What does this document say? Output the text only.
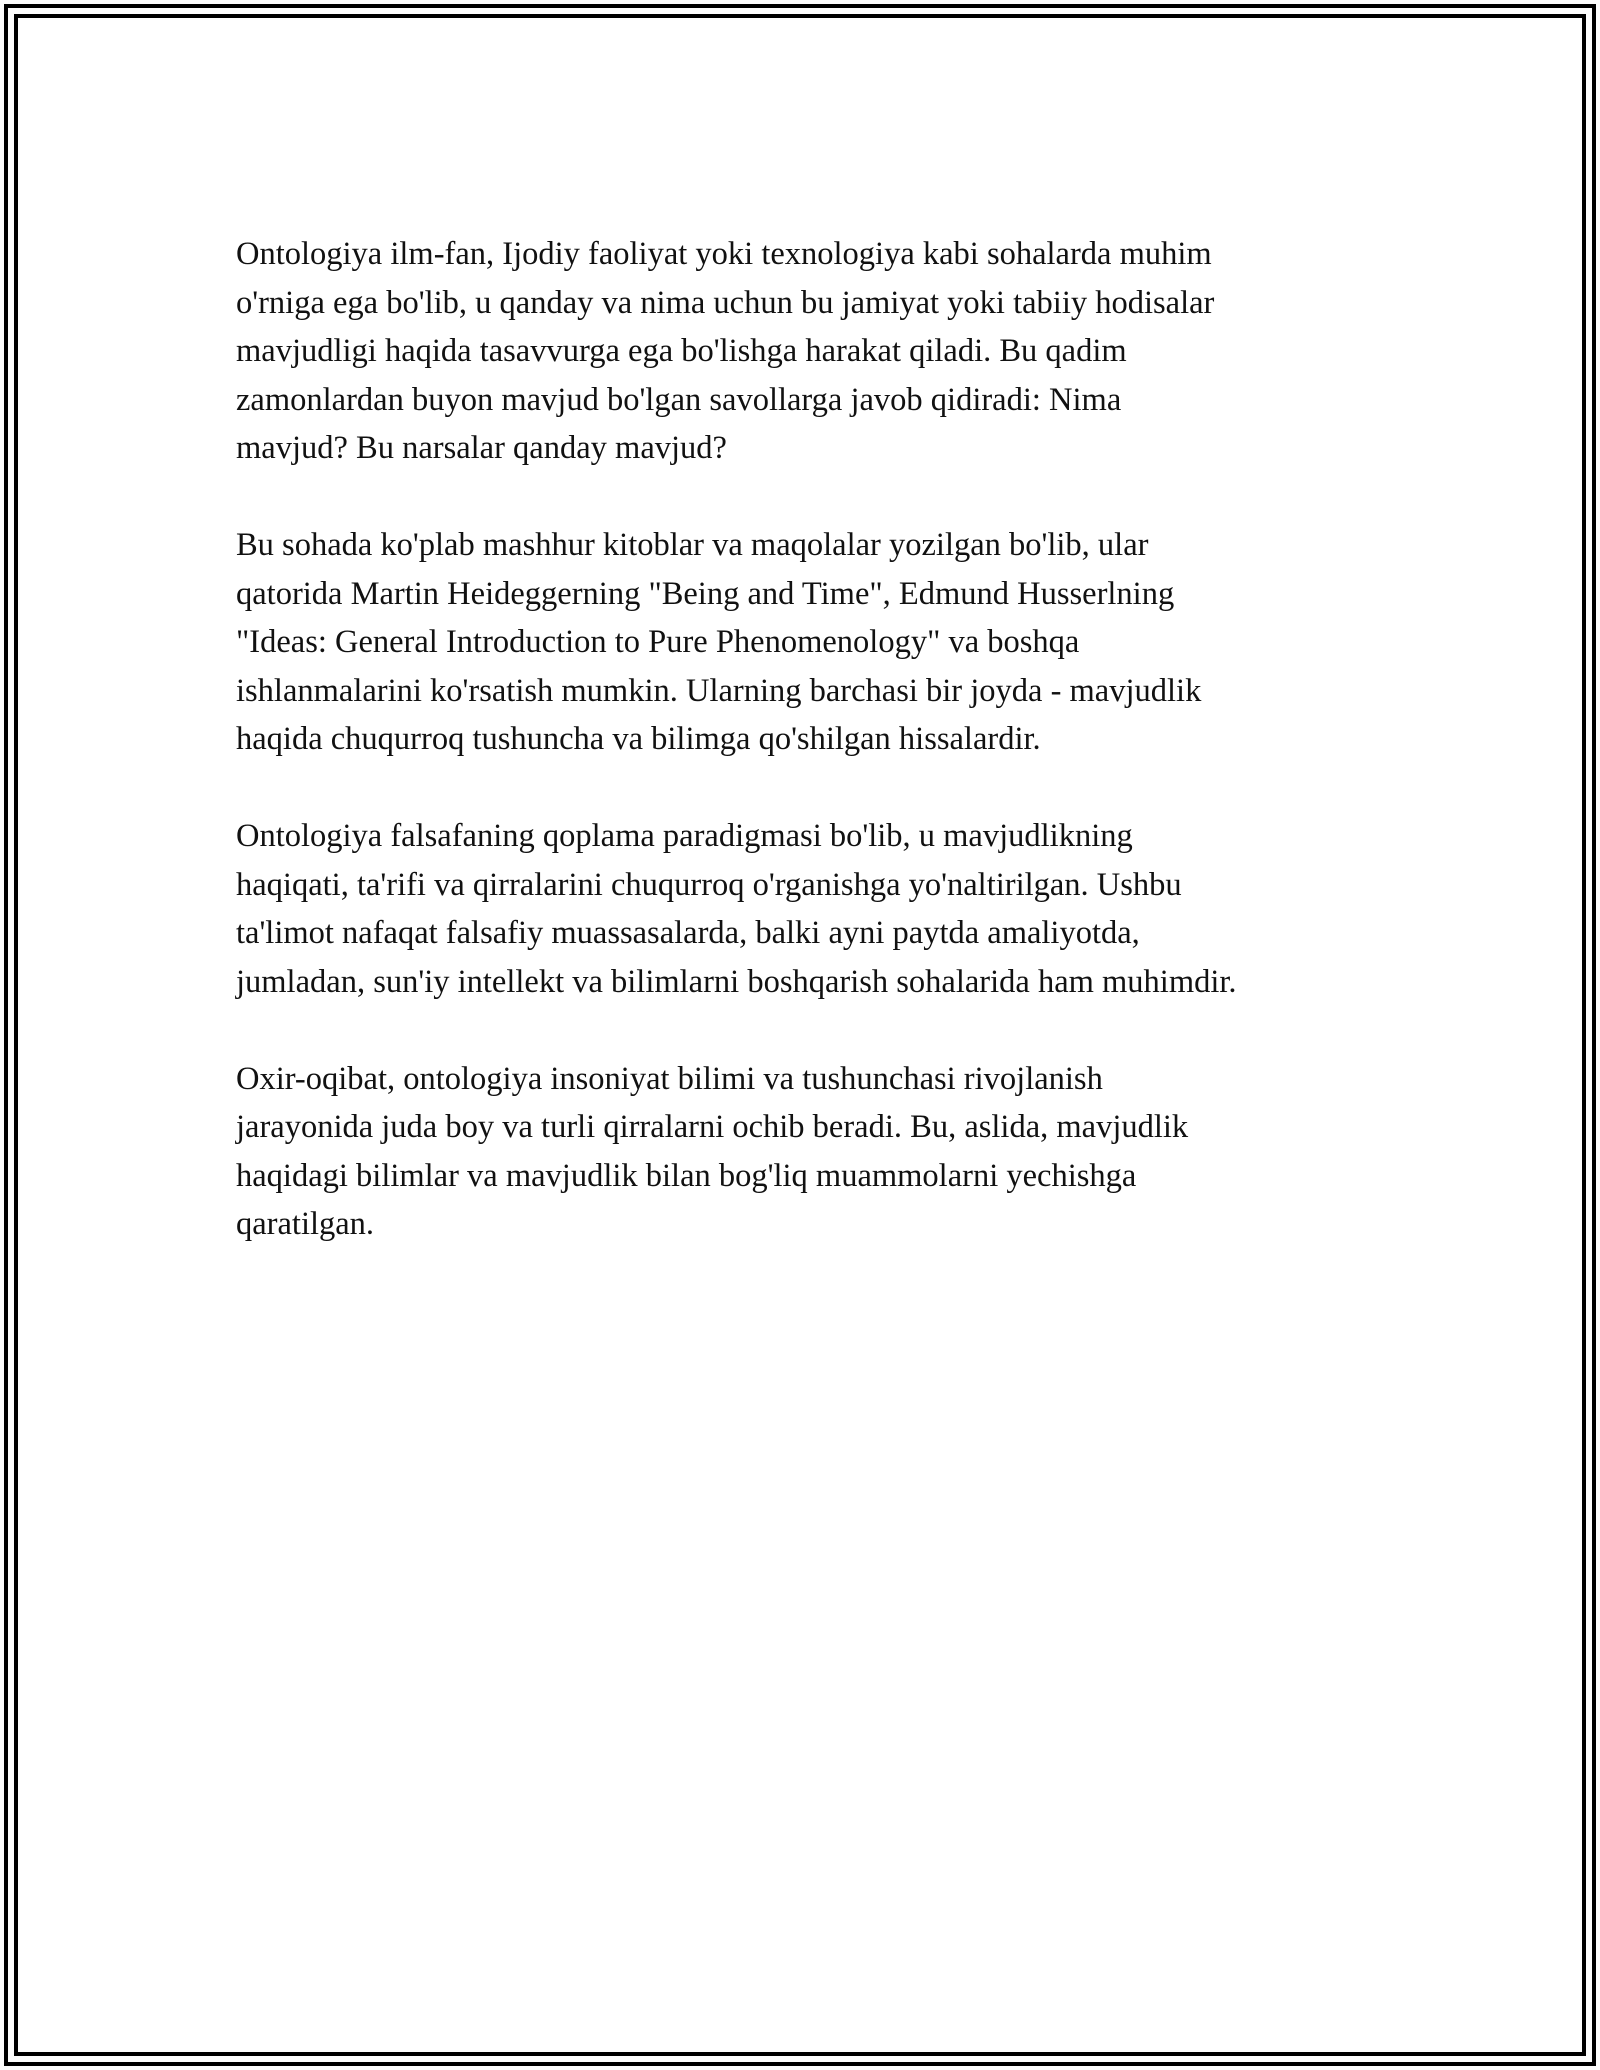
Ontologiya ilm-fan, Ijodiy faoliyat yoki texnologiya kabi sohalarda muhim
o'rniga ega bo'lib, u qanday va nima uchun bu jamiyat yoki tabiiy hodisalar
mavjudligi haqida tasavvurga ega bo'lishga harakat qiladi. Bu qadim
zamonlardan buyon mavjud bo'lgan savollarga javob qidiradi: Nima
mavjud? Bu narsalar qanday mavjud?

Bu sohada ko'plab mashhur kitoblar va maqolalar yozilgan bo'lib, ular
qatorida Martin Heideggerning "Being and Time", Edmund Husserlning
"Ideas: General Introduction to Pure Phenomenology" va boshqa
ishlanmalarini ko'rsatish mumkin. Ularning barchasi bir joyda - mavjudlik
haqida chuqurroq tushuncha va bilimga qo'shilgan hissalardir.

Ontologiya falsafaning qoplama paradigmasi bo'lib, u mavjudlikning
haqiqati, ta'rifi va qirralarini chuqurroq o'rganishga yo'naltirilgan. Ushbu
ta'limot nafaqat falsafiy muassasalarda, balki ayni paytda amaliyotda,
jumladan, sun'iy intellekt va bilimlarni boshqarish sohalarida ham muhimdir.

Oxir-oqibat, ontologiya insoniyat bilimi va tushunchasi rivojlanish
jarayonida juda boy va turli qirralarni ochib beradi. Bu, aslida, mavjudlik
haqidagi bilimlar va mavjudlik bilan bog'liq muammolarni yechishga
qaratilgan.
